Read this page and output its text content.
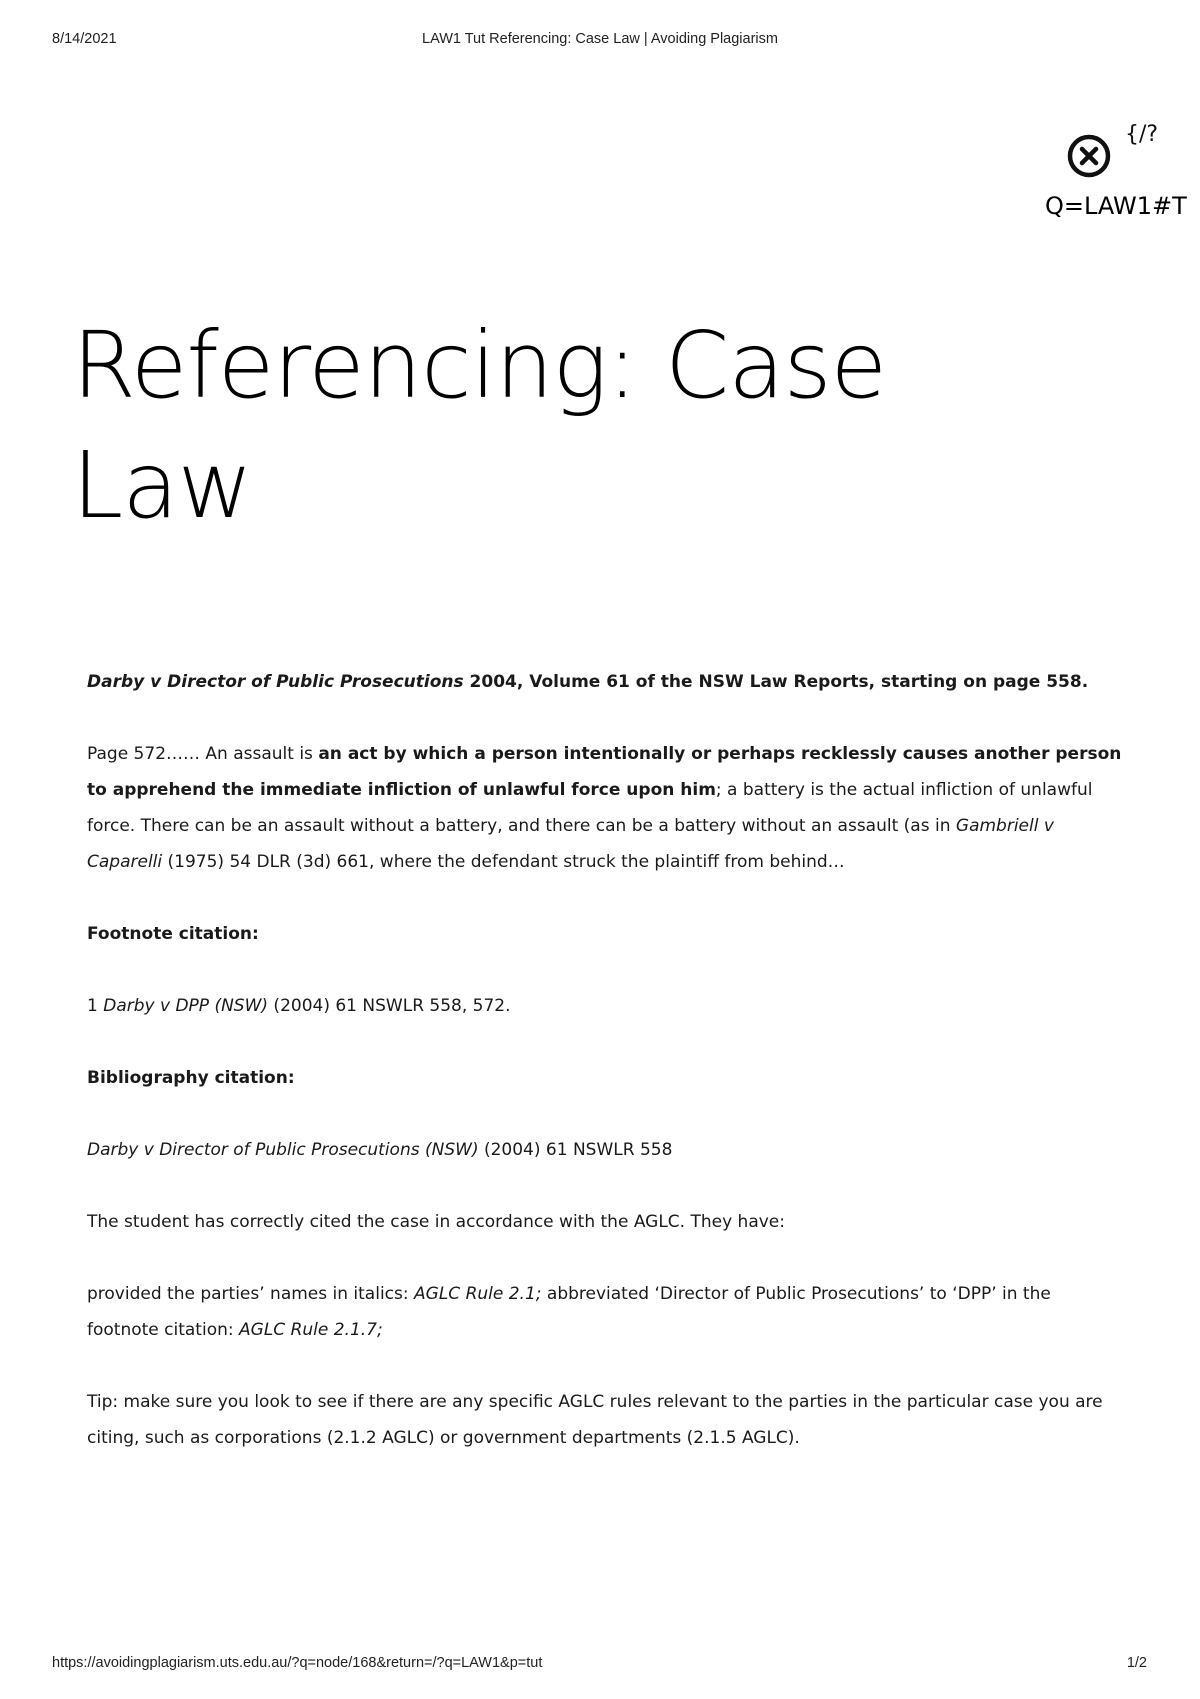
8/14/2021	LAW1 Tut Referencing: Case Law | Avoiding Plagiarism
{/?
Q=LAW1#T
Referencing: Case Law

Darby v Director of Public Prosecutions 2004, Volume 61 of the NSW Law Reports, starting on page 558.

Page 572…… An assault is an act by which a person intentionally or perhaps recklessly causes another person to apprehend the immediate infliction of unlawful force upon him; a battery is the actual infliction of unlawful force. There can be an assault without a battery, and there can be a battery without an assault (as in Gambriell v Caparelli (1975) 54 DLR (3d) 661, where the defendant struck the plaintiff from behind…

Footnote citation:

1 Darby v DPP (NSW) (2004) 61 NSWLR 558, 572.

Bibliography citation:

Darby v Director of Public Prosecutions (NSW) (2004) 61 NSWLR 558

The student has correctly cited the case in accordance with the AGLC. They have:

provided the parties’ names in italics: AGLC Rule 2.1; abbreviated ‘Director of Public Prosecutions’ to ‘DPP’ in the footnote citation: AGLC Rule 2.1.7;

Tip: make sure you look to see if there are any specific AGLC rules relevant to the parties in the particular case you are citing, such as corporations (2.1.2 AGLC) or government departments (2.1.5 AGLC).

https://avoidingplagiarism.uts.edu.au/?q=node/168&return=/?q=LAW1&p=tut	1/2
